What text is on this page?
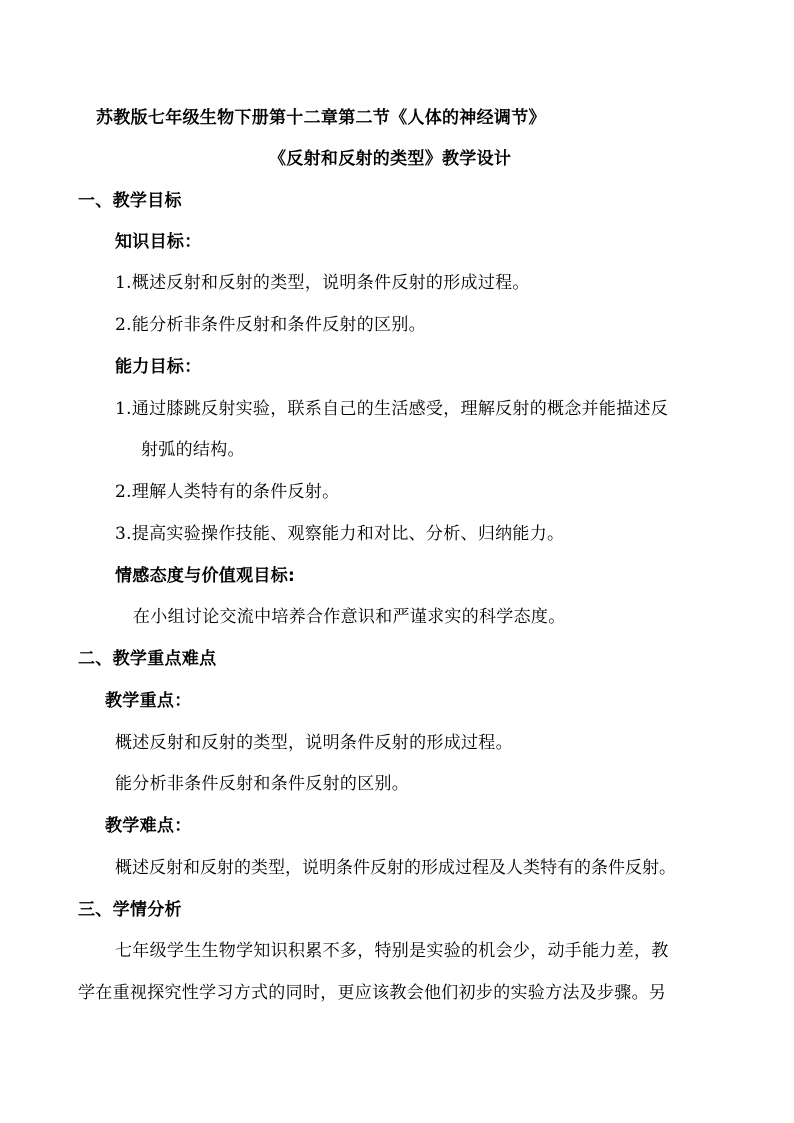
苏教版七年级生物下册第十二章第二节《人体的神经调节》
《反射和反射的类型》教学设计
一、教学目标
知识目标：
1.概述反射和反射的类型，说明条件反射的形成过程。
2.能分析非条件反射和条件反射的区别。
能力目标：
1.通过膝跳反射实验，联系自己的生活感受，理解反射的概念并能描述反
射弧的结构。
2.理解人类特有的条件反射。
3.提高实验操作技能、观察能力和对比、分析、归纳能力。
情感态度与价值观目标:
在小组讨论交流中培养合作意识和严谨求实的科学态度。
二、教学重点难点
教学重点：
概述反射和反射的类型，说明条件反射的形成过程。
能分析非条件反射和条件反射的区别。
教学难点：
概述反射和反射的类型，说明条件反射的形成过程及人类特有的条件反射。
三、学情分析
七年级学生生物学知识积累不多，特别是实验的机会少，动手能力差，教
学在重视探究性学习方式的同时，更应该教会他们初步的实验方法及步骤。另
